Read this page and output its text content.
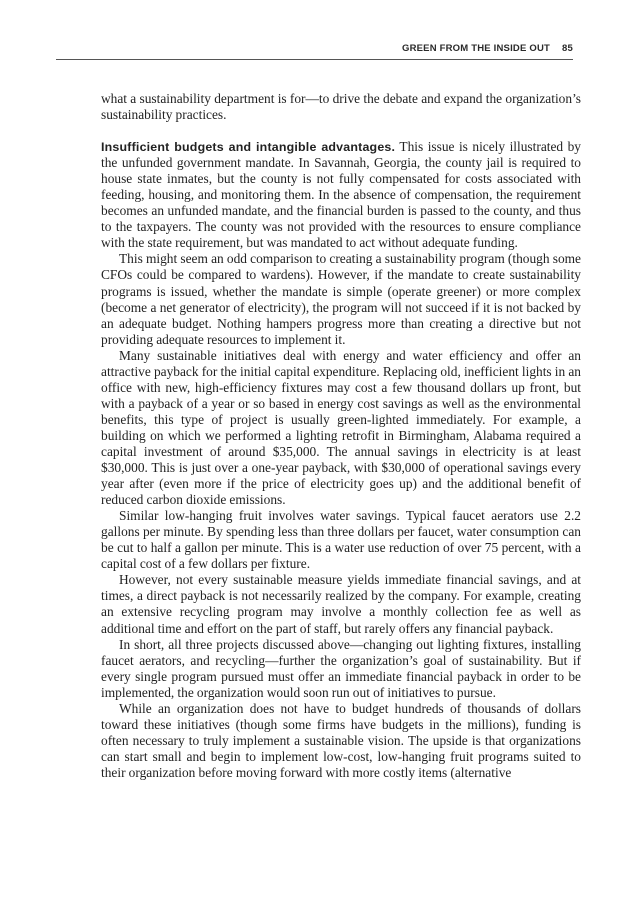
GREEN FROM THE INSIDE OUT 85

what a sustainability department is for—to drive the debate and expand the organization’s sustainability practices.

Insufficient budgets and intangible advantages. This issue is nicely illustrated by the unfunded government mandate. In Savannah, Georgia, the county jail is required to house state inmates, but the county is not fully compensated for costs associated with feeding, housing, and monitoring them. In the absence of compensation, the requirement becomes an unfunded mandate, and the financial burden is passed to the county, and thus to the taxpayers. The county was not provided with the resources to ensure compliance with the state requirement, but was mandated to act without adequate funding.

This might seem an odd comparison to creating a sustainability program (though some CFOs could be compared to wardens). However, if the mandate to create sustainability programs is issued, whether the mandate is simple (operate greener) or more complex (become a net generator of electricity), the program will not succeed if it is not backed by an adequate budget. Nothing hampers progress more than creating a directive but not providing adequate resources to implement it.

Many sustainable initiatives deal with energy and water efficiency and offer an attractive payback for the initial capital expenditure. Replacing old, inefficient lights in an office with new, high-efficiency fixtures may cost a few thousand dollars up front, but with a payback of a year or so based in energy cost savings as well as the environmental benefits, this type of project is usually green-lighted immediately. For example, a building on which we performed a lighting retrofit in Birmingham, Alabama required a capital investment of around $35,000. The annual savings in electricity is at least $30,000. This is just over a one-year payback, with $30,000 of operational savings every year after (even more if the price of electricity goes up) and the additional benefit of reduced carbon dioxide emissions.

Similar low-hanging fruit involves water savings. Typical faucet aerators use 2.2 gallons per minute. By spending less than three dollars per faucet, water consumption can be cut to half a gallon per minute. This is a water use reduction of over 75 percent, with a capital cost of a few dollars per fixture.

However, not every sustainable measure yields immediate financial savings, and at times, a direct payback is not necessarily realized by the company. For example, creating an extensive recycling program may involve a monthly collection fee as well as additional time and effort on the part of staff, but rarely offers any financial payback.

In short, all three projects discussed above—changing out lighting fixtures, installing faucet aerators, and recycling—further the organization’s goal of sustainability. But if every single program pursued must offer an immediate financial payback in order to be implemented, the organization would soon run out of initiatives to pursue.

While an organization does not have to budget hundreds of thousands of dollars toward these initiatives (though some firms have budgets in the millions), funding is often necessary to truly implement a sustainable vision. The upside is that organizations can start small and begin to implement low-cost, low-hanging fruit programs suited to their organization before moving forward with more costly items (alternative
